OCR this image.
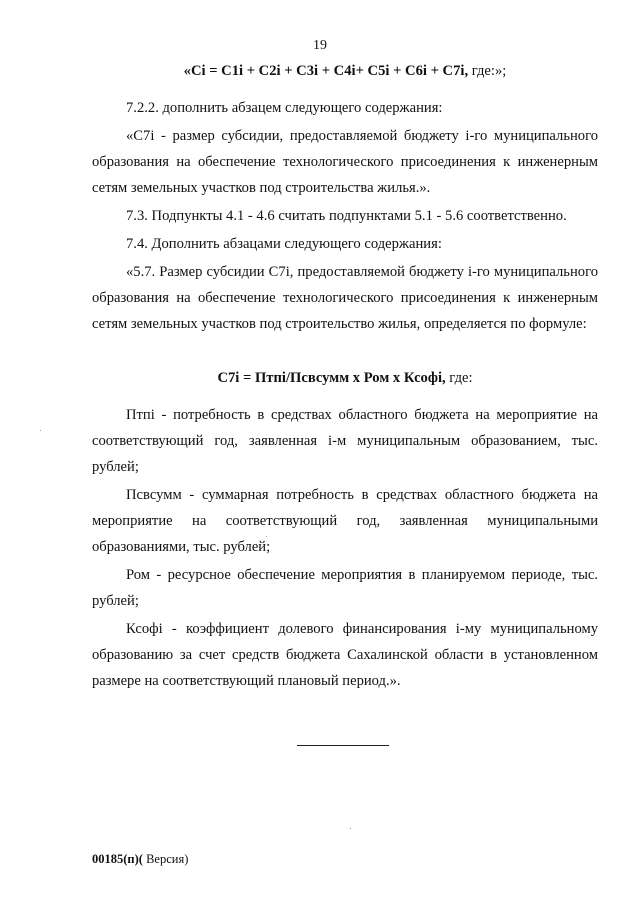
19
«Ci = C1i + C2i + C3i + C4i+ C5i + C6i + C7i, где:»;

7.2.2. дополнить абзацем следующего содержания:

«C7i - размер субсидии, предоставляемой бюджету i-го муниципального образования на обеспечение технологического присоединения к инженерным сетям земельных участков под строительства жилья.».

7.3. Подпункты 4.1 - 4.6 считать подпунктами 5.1 - 5.6 соответственно.

7.4. Дополнить абзацами следующего содержания:

«5.7. Размер субсидии C7i, предоставляемой бюджету i-го муниципального образования на обеспечение технологического присоединения к инженерным сетям земельных участков под строительство жилья, определяется по формуле:

C7i = Птпi/Псвсумм x Ром x Ксофi, где:

Птпi - потребность в средствах областного бюджета на мероприятие на соответствующий год, заявленная i-м муниципальным образованием, тыс. рублей;

Псвсумм - суммарная потребность в средствах областного бюджета на мероприятие на соответствующий год, заявленная муниципальными образованиями, тыс. рублей;

Ром - ресурсное обеспечение мероприятия в планируемом периоде, тыс. рублей;

Ксофi - коэффициент долевого финансирования i-му муниципальному образованию за счет средств бюджета Сахалинской области в установленном размере на соответствующий плановый период.».

00185(п)( Версия)
